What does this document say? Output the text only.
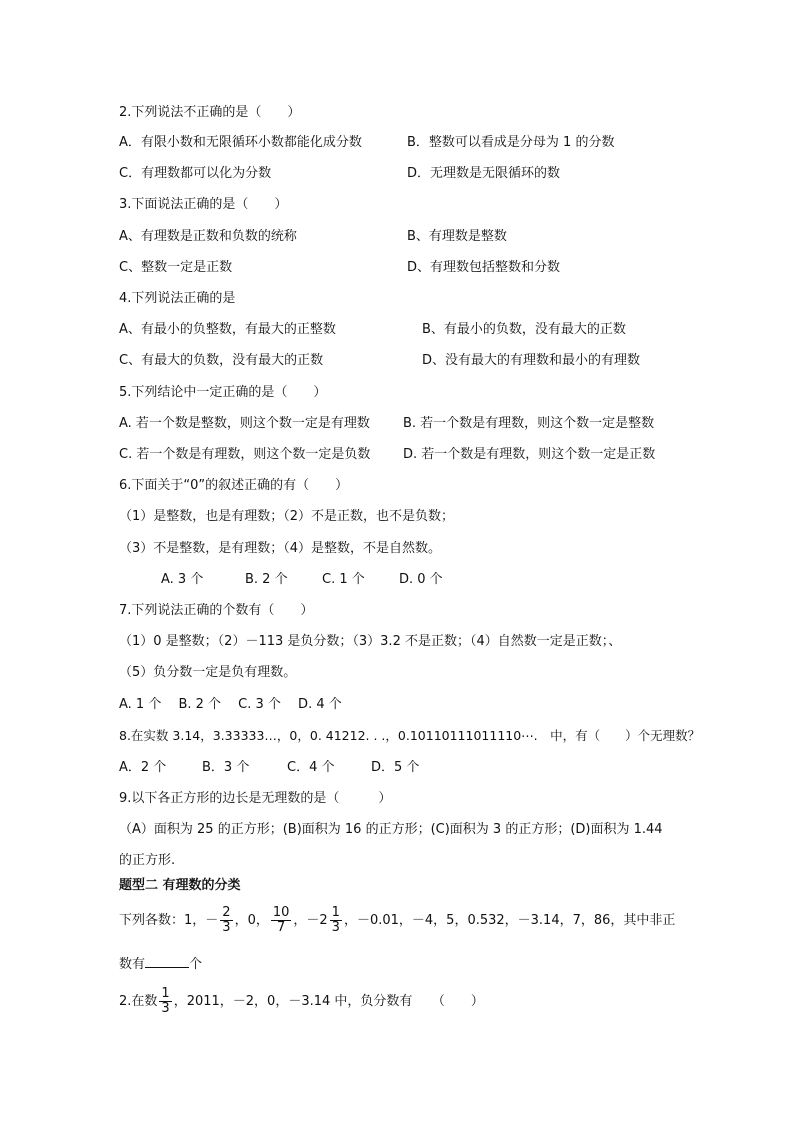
2.下列说法不正确的是（　　）
A．有限小数和无限循环小数都能化成分数	B．整数可以看成是分母为 1 的分数
C．有理数都可以化为分数	D．无理数是无限循环的数
3.下面说法正确的是（　　）
A、有理数是正数和负数的统称	B、有理数是整数
C、整数一定是正数	D、有理数包括整数和分数
4.下列说法正确的是
A、有最小的负整数，有最大的正整数	B、有最小的负数，没有最大的正数
C、有最大的负数，没有最大的正数	D、没有最大的有理数和最小的有理数
5.下列结论中一定正确的是（　　）
A. 若一个数是整数，则这个数一定是有理数	B. 若一个数是有理数，则这个数一定是整数
C. 若一个数是有理数，则这个数一定是负数	D. 若一个数是有理数，则这个数一定是正数
6.下面关于“0”的叙述正确的有（　　）
（1）是整数，也是有理数；（2）不是正数，也不是负数；
（3）不是整数，是有理数；（4）是整数，不是自然数。
A. 3 个	B. 2 个	C. 1 个	D. 0 个
7.下列说法正确的个数有（　　）
（1）0 是整数；（2）－113 是负分数；（3）3.2 不是正数；（4）自然数一定是正数；、
（5）负分数一定是负有理数。
A. 1 个　 B. 2 个　 C. 3 个　 D. 4 个
8.在实数 3.14，3.33333…，0，0. 41212. . .，0.10110111011110⋯.　中，有（　　）个无理数？
A．2 个	B．3 个	C．4 个	D．5 个
9.以下各正方形的边长是无理数的是（　　　）
（A）面积为 25 的正方形；(B)面积为 16 的正方形；(C)面积为 3 的正方形；(D)面积为 1.44
的正方形.
题型二 有理数的分类
下列各数：1，－ $\frac{2}{3}$ ，0， $\frac{10}{7}$ ，$-2 \frac{1}{3}$ ，－0.01，－4，5，0.532，－3.14，7，86，其中非正
数有	个
2.在数 $\frac{1}{3}$ ，2011，－2，0，－3.14 中，负分数有　　（　　）
